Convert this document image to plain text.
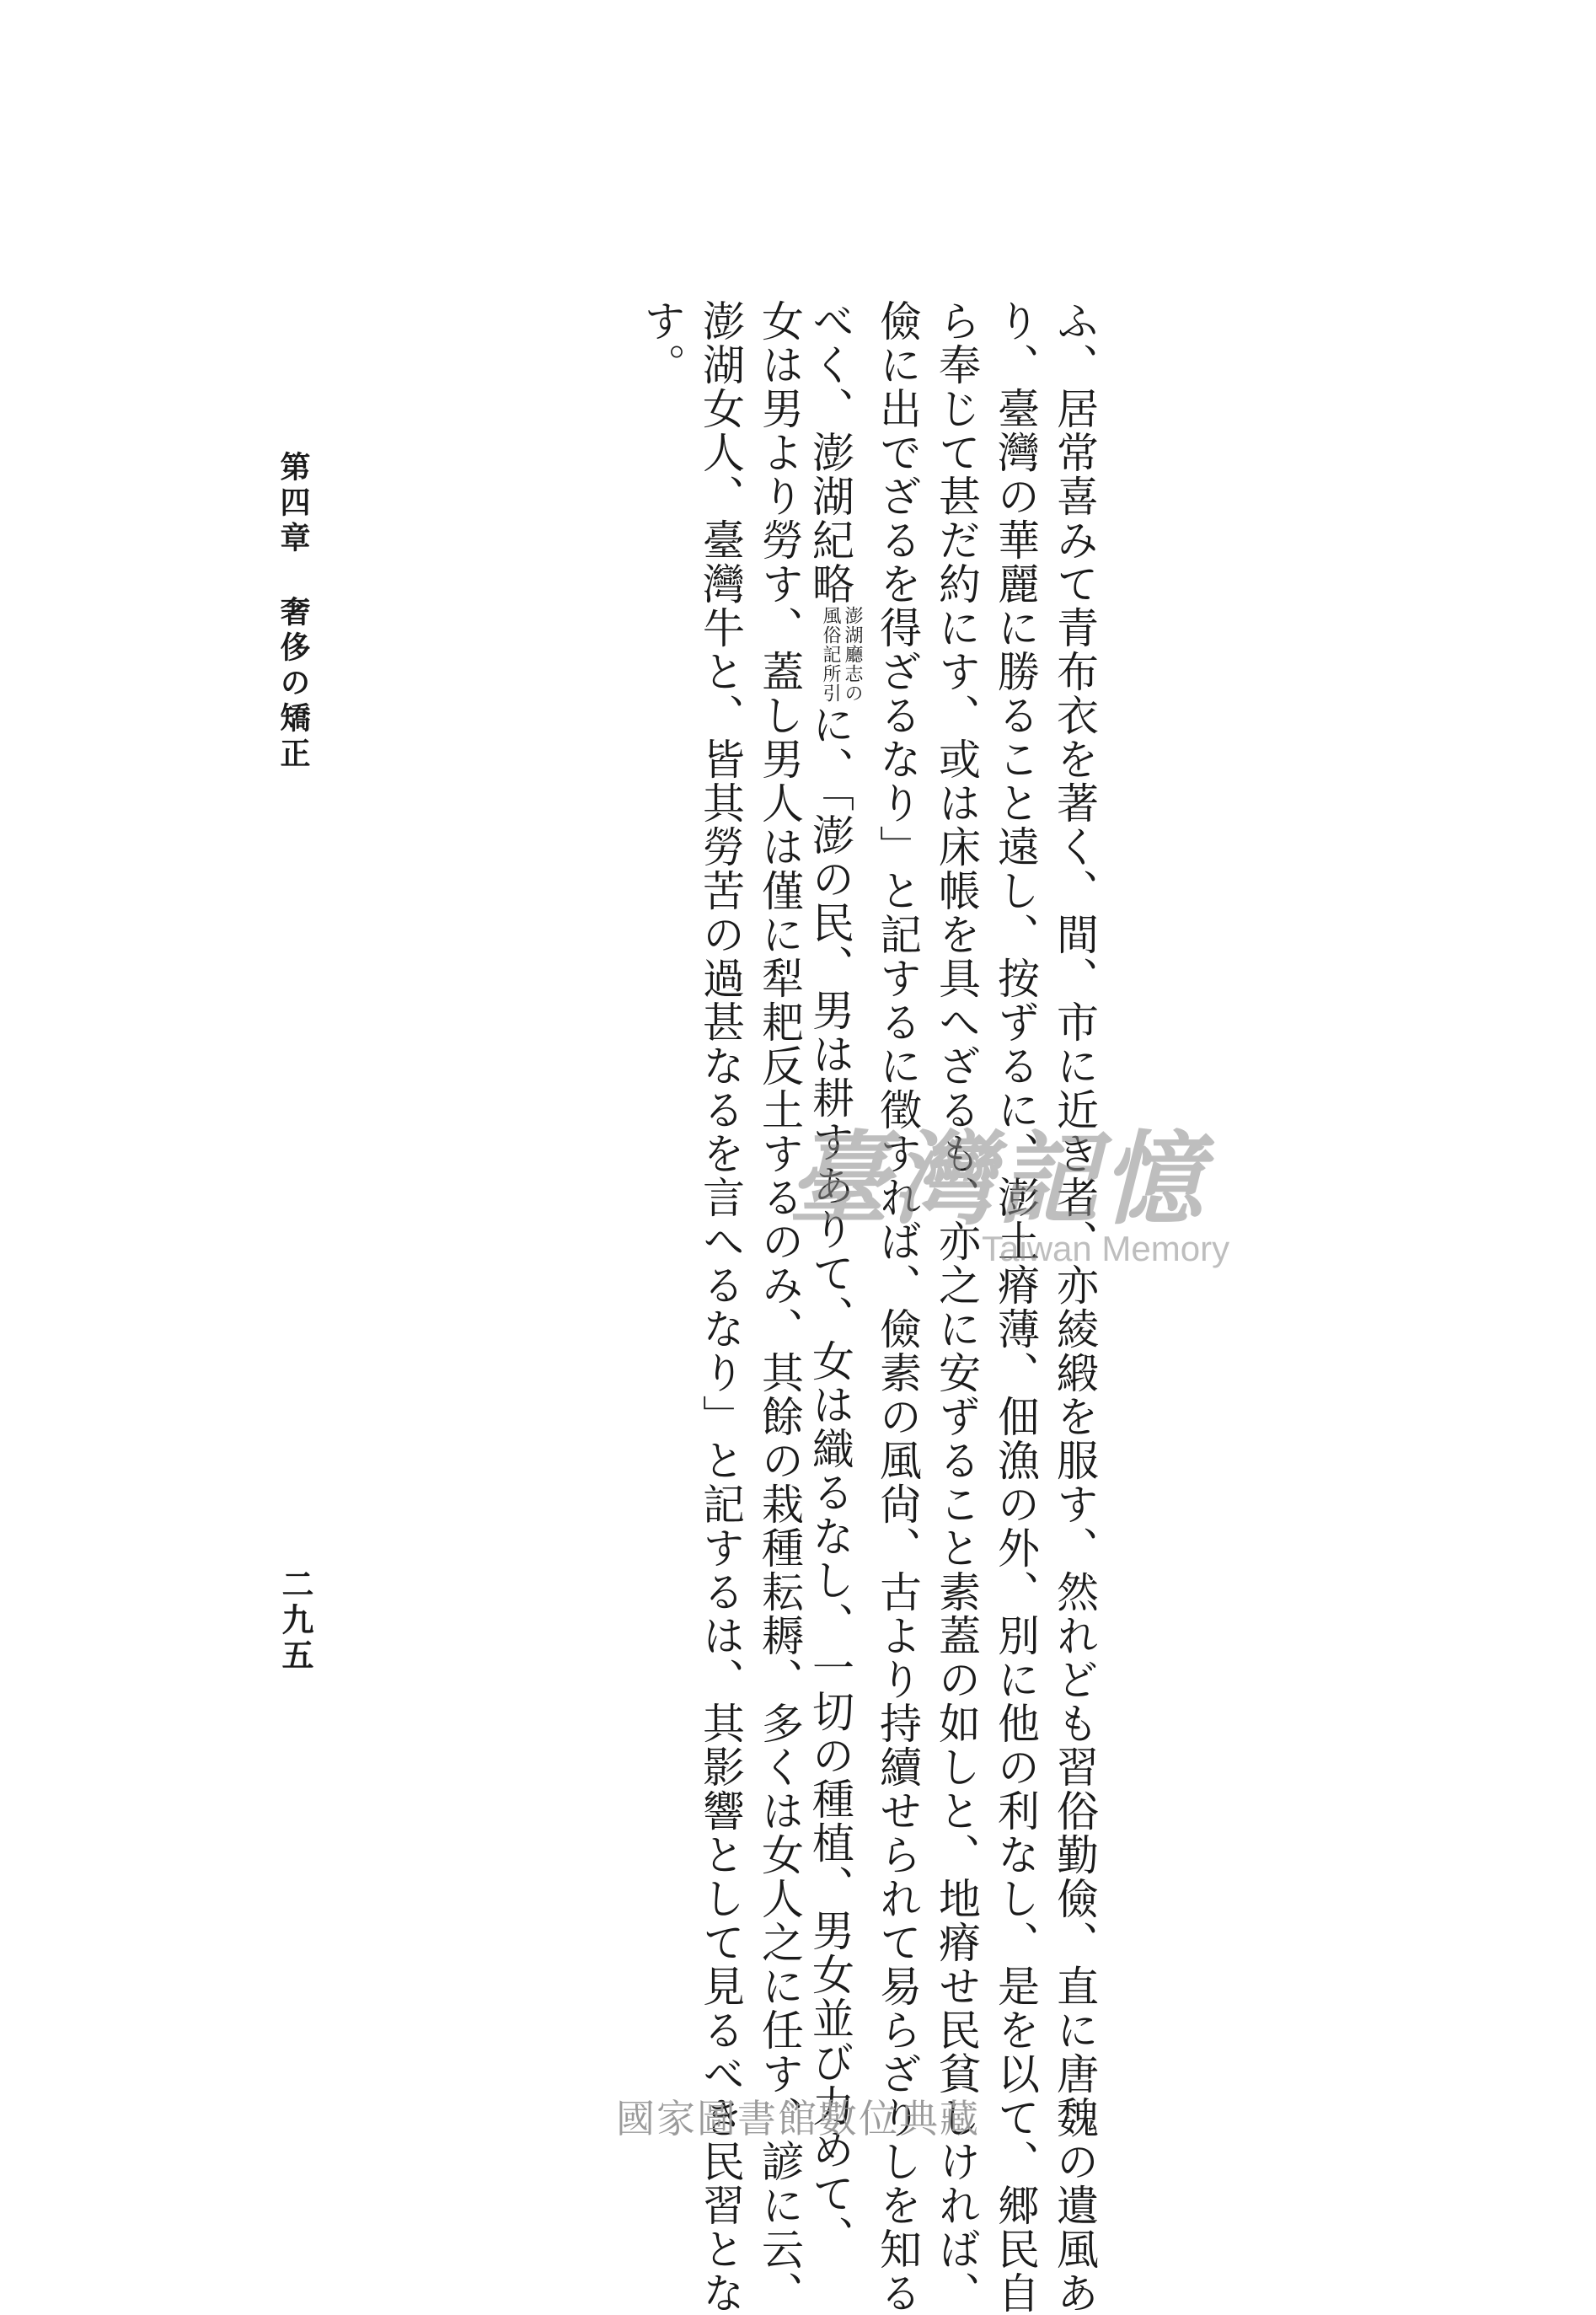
ふ、居常喜みて青布衣を著く、間、市に近き者、亦綾緞を服す、然れども習俗勤儉、直に唐魏の遺風あ
り、臺灣の華麗に勝ること遠し、按ずるに、澎土瘠薄、佃漁の外、別に他の利なし、是を以て、郷民自
ら奉じて甚だ約にす、或は床帳を具へざるも、亦之に安ずること素蓋の如しと、地瘠せ民貧しければ、
儉に出でざるを得ざるなり」と記するに徵すれば、儉素の風尙、古より持續せられて易らざりしを知る
べく、澎湖紀略
澎湖廳志の
風俗記所引
に、「澎の民、男は耕すありて、女は織るなし、一切の種植、男女並び力めて、
女は男より勞す、蓋し男人は僅に犁耙反土するのみ、其餘の栽種耘耨、多くは女人之に任す、諺に云、
澎湖女人、臺灣牛と、皆其勞苦の過甚なるを言へるなり」と記するは、其影響として見るべき民習とな
す。
第四章奢侈の矯正
二九五
臺灣記憶
Taiwan Memory
國家圖書館數位典藏
